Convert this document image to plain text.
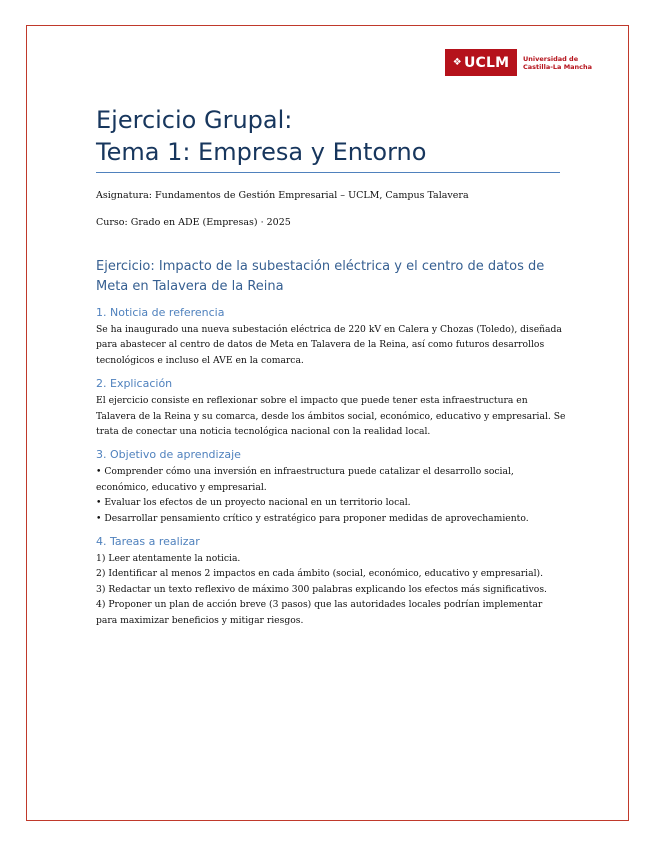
❖ UCLM Universidad de
Castilla-La Mancha
Ejercicio Grupal:
Tema 1: Empresa y Entorno
Asignatura: Fundamentos de Gestión Empresarial – UCLM, Campus Talavera
Curso: Grado en ADE (Empresas) · 2025
Ejercicio: Impacto de la subestación eléctrica y el centro de datos de Meta en Talavera de la Reina
1. Noticia de referencia

Se ha inaugurado una nueva subestación eléctrica de 220 kV en Calera y Chozas (Toledo), diseñada para abastecer al centro de datos de Meta en Talavera de la Reina, así como futuros desarrollos tecnológicos e incluso el AVE en la comarca.

2. Explicación

El ejercicio consiste en reflexionar sobre el impacto que puede tener esta infraestructura en Talavera de la Reina y su comarca, desde los ámbitos social, económico, educativo y empresarial. Se trata de conectar una noticia tecnológica nacional con la realidad local.

3. Objetivo de aprendizaje

• Comprender cómo una inversión en infraestructura puede catalizar el desarrollo social, económico, educativo y empresarial.
• Evaluar los efectos de un proyecto nacional en un territorio local.
• Desarrollar pensamiento crítico y estratégico para proponer medidas de aprovechamiento.

4. Tareas a realizar

1) Leer atentamente la noticia.
2) Identificar al menos 2 impactos en cada ámbito (social, económico, educativo y empresarial).
3) Redactar un texto reflexivo de máximo 300 palabras explicando los efectos más significativos.
4) Proponer un plan de acción breve (3 pasos) que las autoridades locales podrían implementar para maximizar beneficios y mitigar riesgos.
